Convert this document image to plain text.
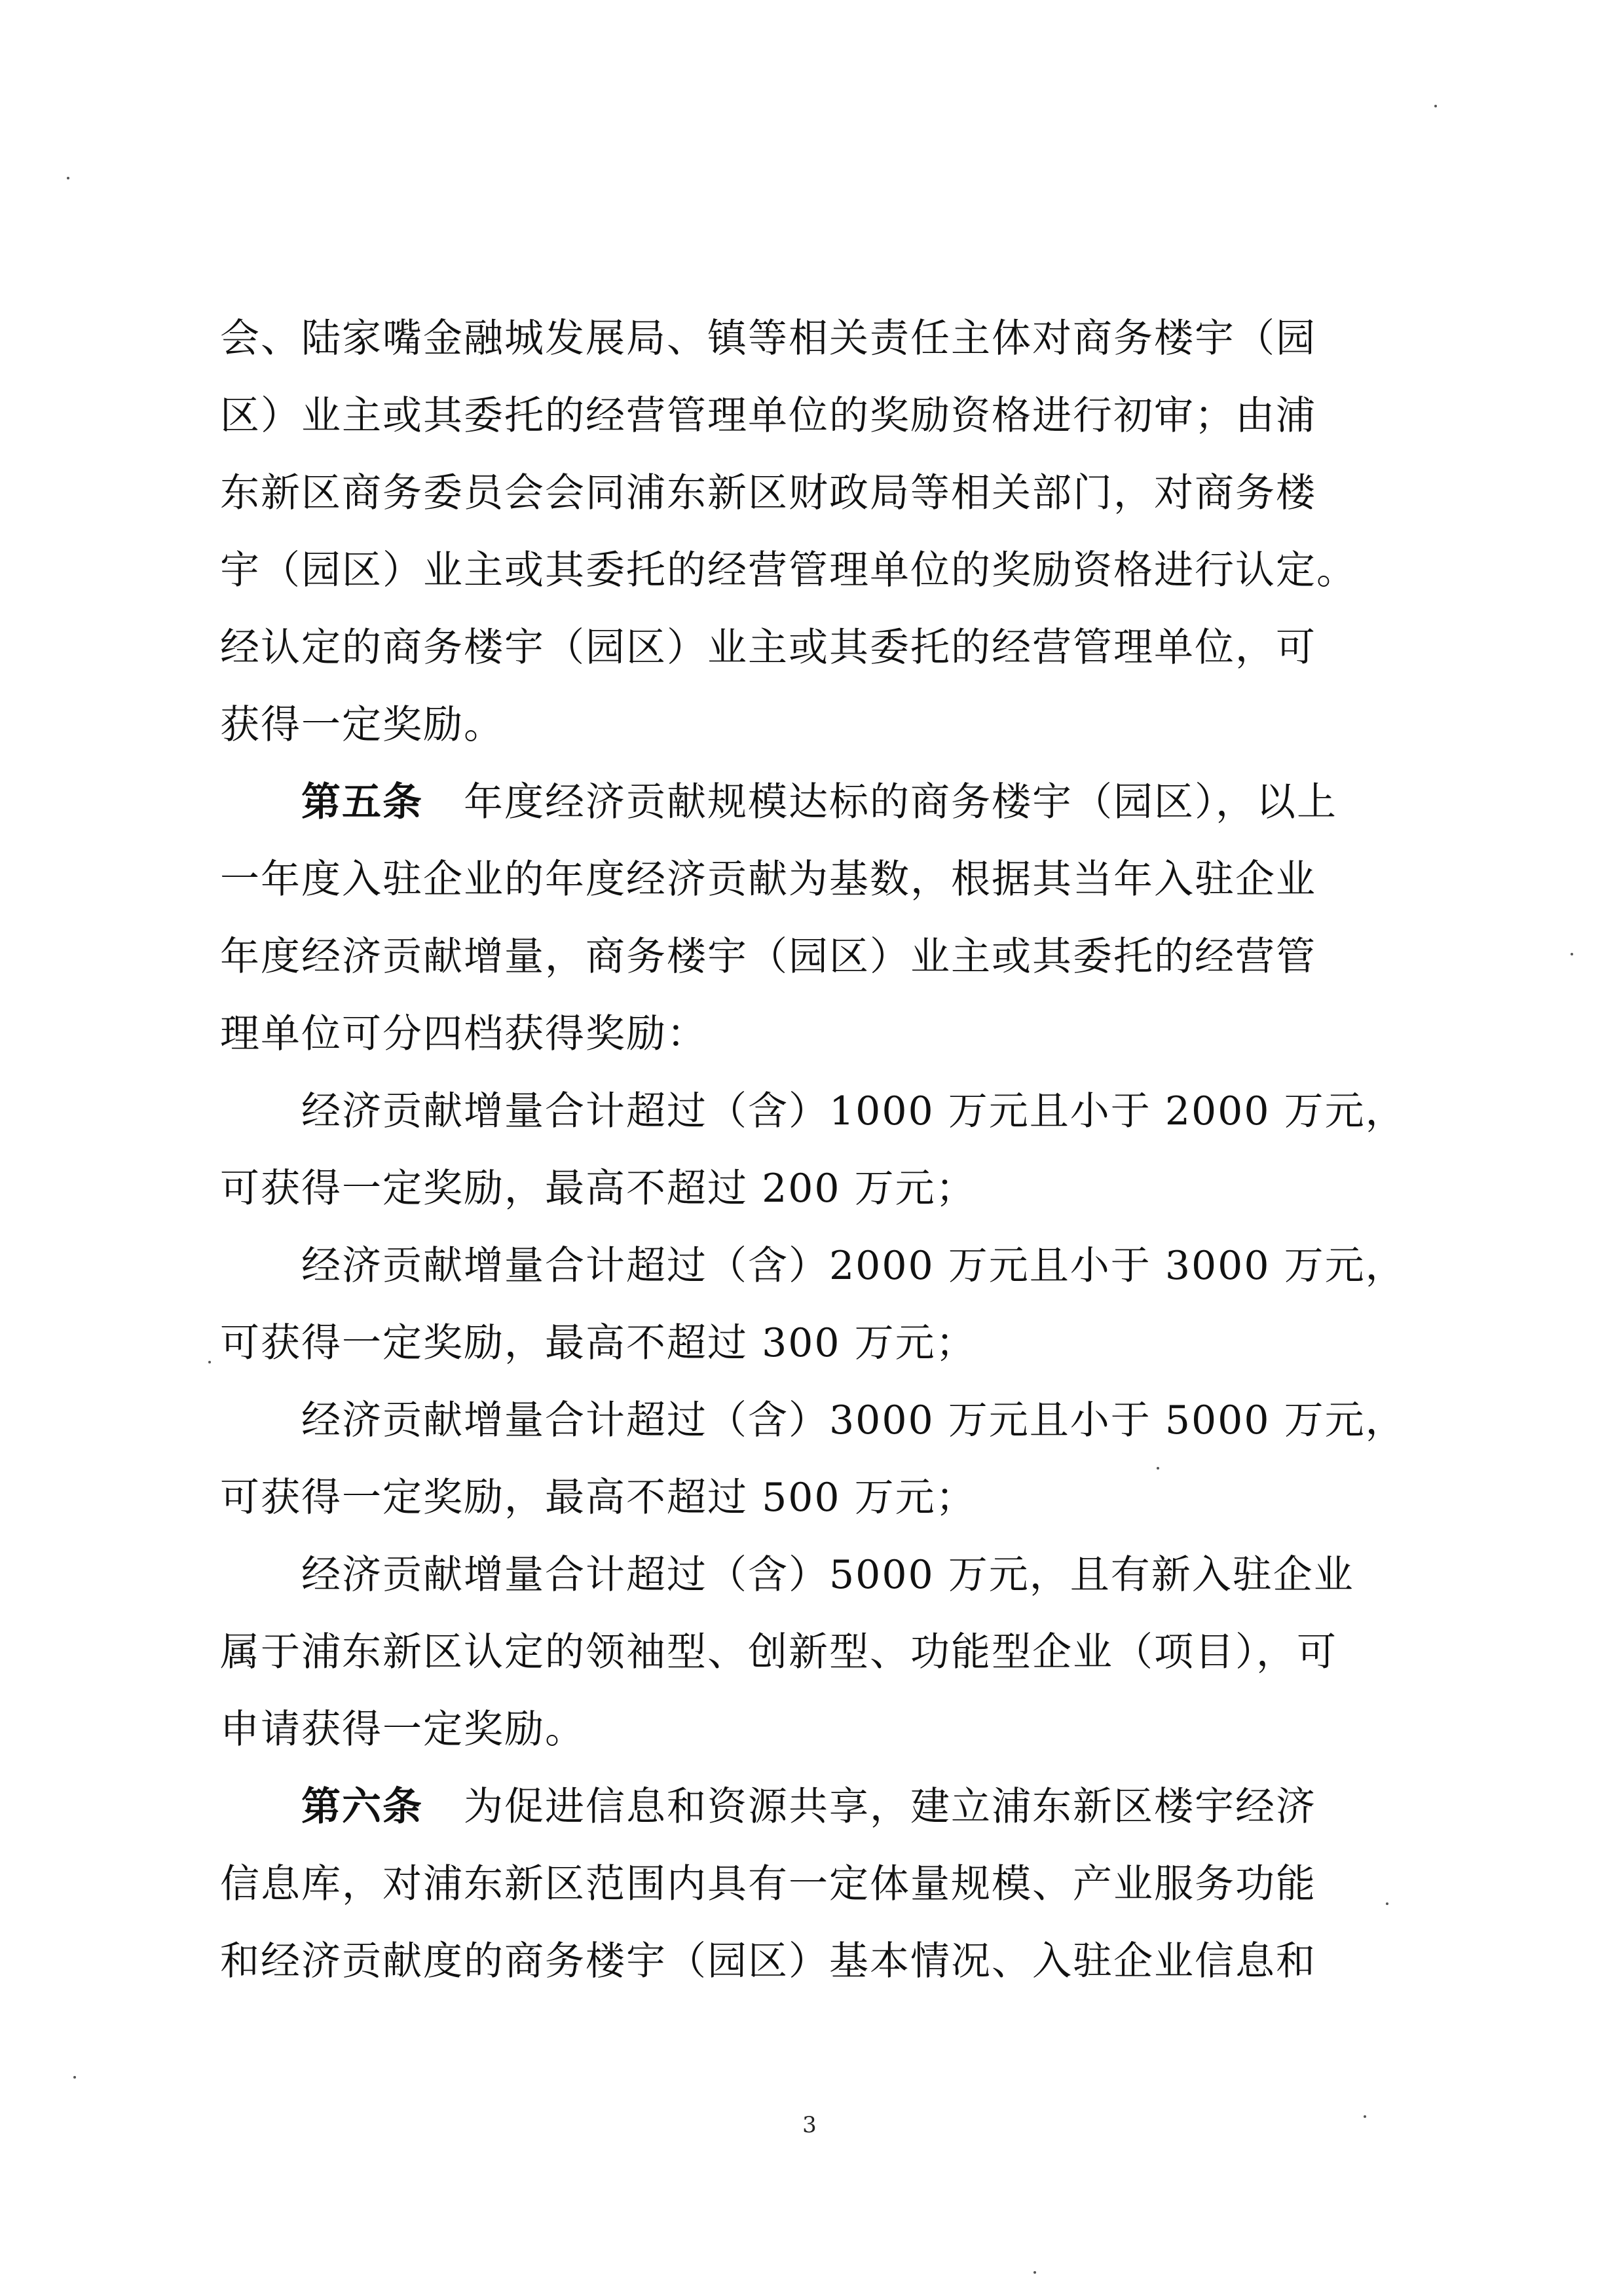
会、陆家嘴金融城发展局、镇等相关责任主体对商务楼宇（园
区）业主或其委托的经营管理单位的奖励资格进行初审；由浦
东新区商务委员会会同浦东新区财政局等相关部门，对商务楼
宇（园区）业主或其委托的经营管理单位的奖励资格进行认定。
经认定的商务楼宇（园区）业主或其委托的经营管理单位，可
获得一定奖励。
第五条　 年度经济贡献规模达标的商务楼宇（园区），以上
一年度入驻企业的年度经济贡献为基数，根据其当年入驻企业
年度经济贡献增量，商务楼宇（园区）业主或其委托的经营管
理单位可分四档获得奖励：
经济贡献增量合计超过（含）1000 万元且小于 2000 万元，
可获得一定奖励，最高不超过 200 万元；
经济贡献增量合计超过（含）2000 万元且小于 3000 万元，
可获得一定奖励，最高不超过 300 万元；
经济贡献增量合计超过（含）3000 万元且小于 5000 万元，
可获得一定奖励，最高不超过 500 万元；
经济贡献增量合计超过（含）5000 万元，且有新入驻企业
属于浦东新区认定的领袖型、创新型、功能型企业（项目），可
申请获得一定奖励。
第六条　 为促进信息和资源共享，建立浦东新区楼宇经济
信息库，对浦东新区范围内具有一定体量规模、产业服务功能
和经济贡献度的商务楼宇（园区）基本情况、入驻企业信息和
3
